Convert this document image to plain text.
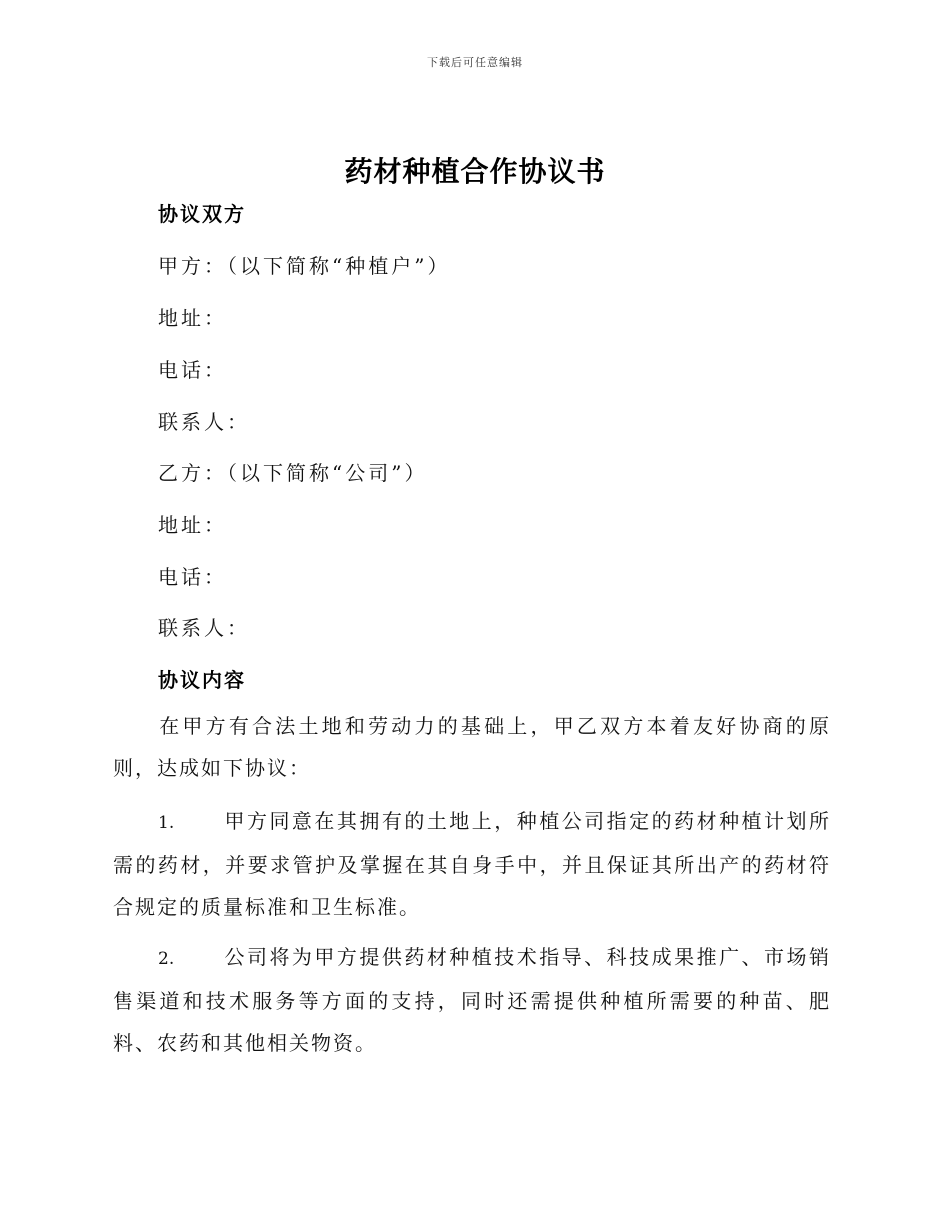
下载后可任意编辑
药材种植合作协议书
协议双方
甲方：（以下简称“种植户”）
地址：
电话：
联系人：
乙方：（以下简称“公司”）
地址：
电话：
联系人：
协议内容
在甲方有合法土地和劳动力的基础上，甲乙双方本着友好协商的原则，达成如下协议：
1. 甲方同意在其拥有的土地上，种植公司指定的药材种植计划所需的药材，并要求管护及掌握在其自身手中，并且保证其所出产的药材符合规定的质量标准和卫生标准。
2. 公司将为甲方提供药材种植技术指导、科技成果推广、市场销售渠道和技术服务等方面的支持，同时还需提供种植所需要的种苗、肥料、农药和其他相关物资。
